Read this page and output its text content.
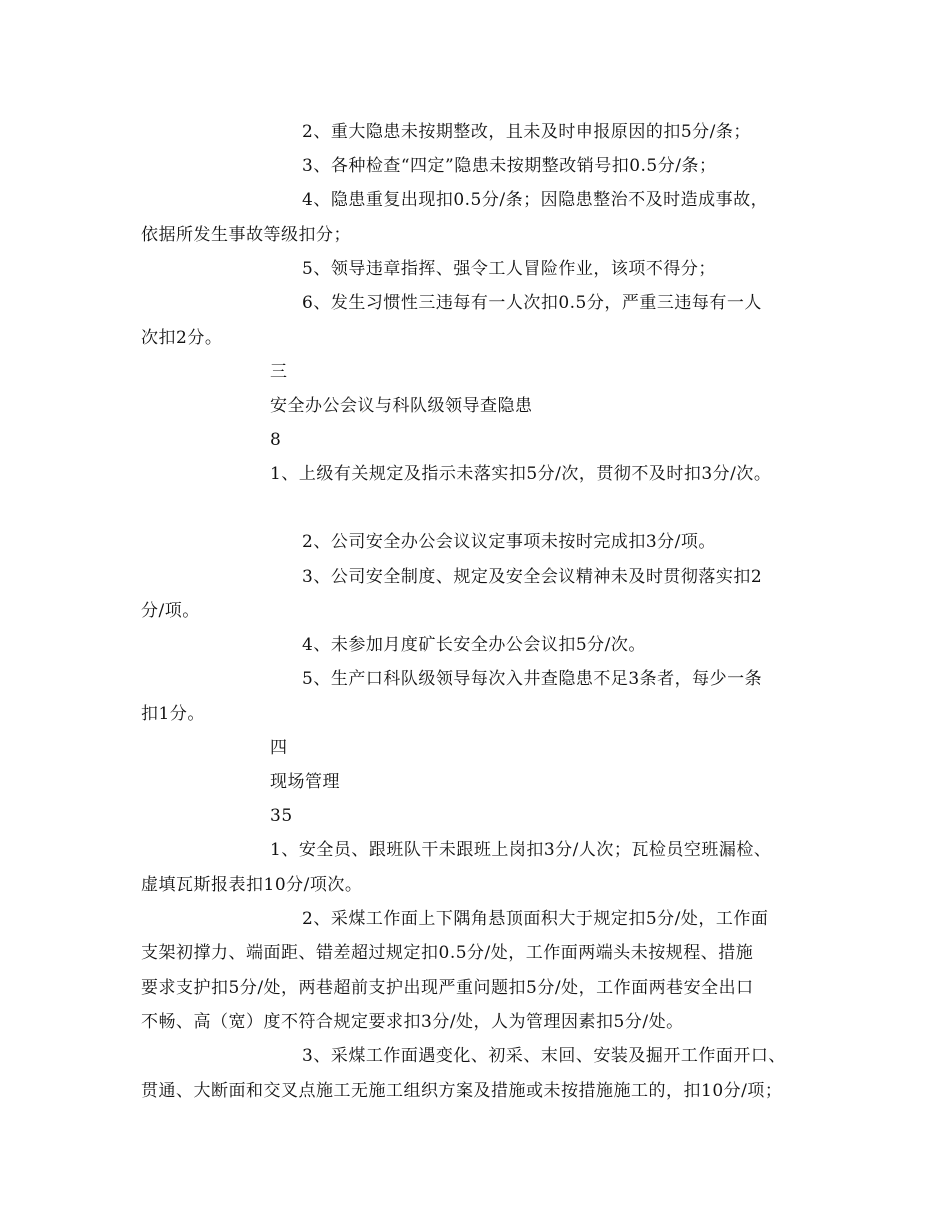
2、重大隐患未按期整改，且未及时申报原因的扣5分/条；
3、各种检查“四定”隐患未按期整改销号扣0.5分/条；
4、隐患重复出现扣0.5分/条；因隐患整治不及时造成事故，
依据所发生事故等级扣分；
5、领导违章指挥、强令工人冒险作业，该项不得分；
6、发生习惯性三违每有一人次扣0.5分，严重三违每有一人
次扣2分。
三
安全办公会议与科队级领导查隐患
8
1、上级有关规定及指示未落实扣5分/次，贯彻不及时扣3分/次。
2、公司安全办公会议议定事项未按时完成扣3分/项。
3、公司安全制度、规定及安全会议精神未及时贯彻落实扣2
分/项。
4、未参加月度矿长安全办公会议扣5分/次。
5、生产口科队级领导每次入井查隐患不足3条者，每少一条
扣1分。
四
现场管理
35
1、安全员、跟班队干未跟班上岗扣3分/人次；瓦检员空班漏检、
虚填瓦斯报表扣10分/项次。
2、采煤工作面上下隅角悬顶面积大于规定扣5分/处，工作面
支架初撑力、端面距、错差超过规定扣0.5分/处，工作面两端头未按规程、措施
要求支护扣5分/处，两巷超前支护出现严重问题扣5分/处，工作面两巷安全出口
不畅、高（宽）度不符合规定要求扣3分/处，人为管理因素扣5分/处。
3、采煤工作面遇变化、初采、末回、安装及掘开工作面开口、
贯通、大断面和交叉点施工无施工组织方案及措施或未按措施施工的，扣10分/项；
